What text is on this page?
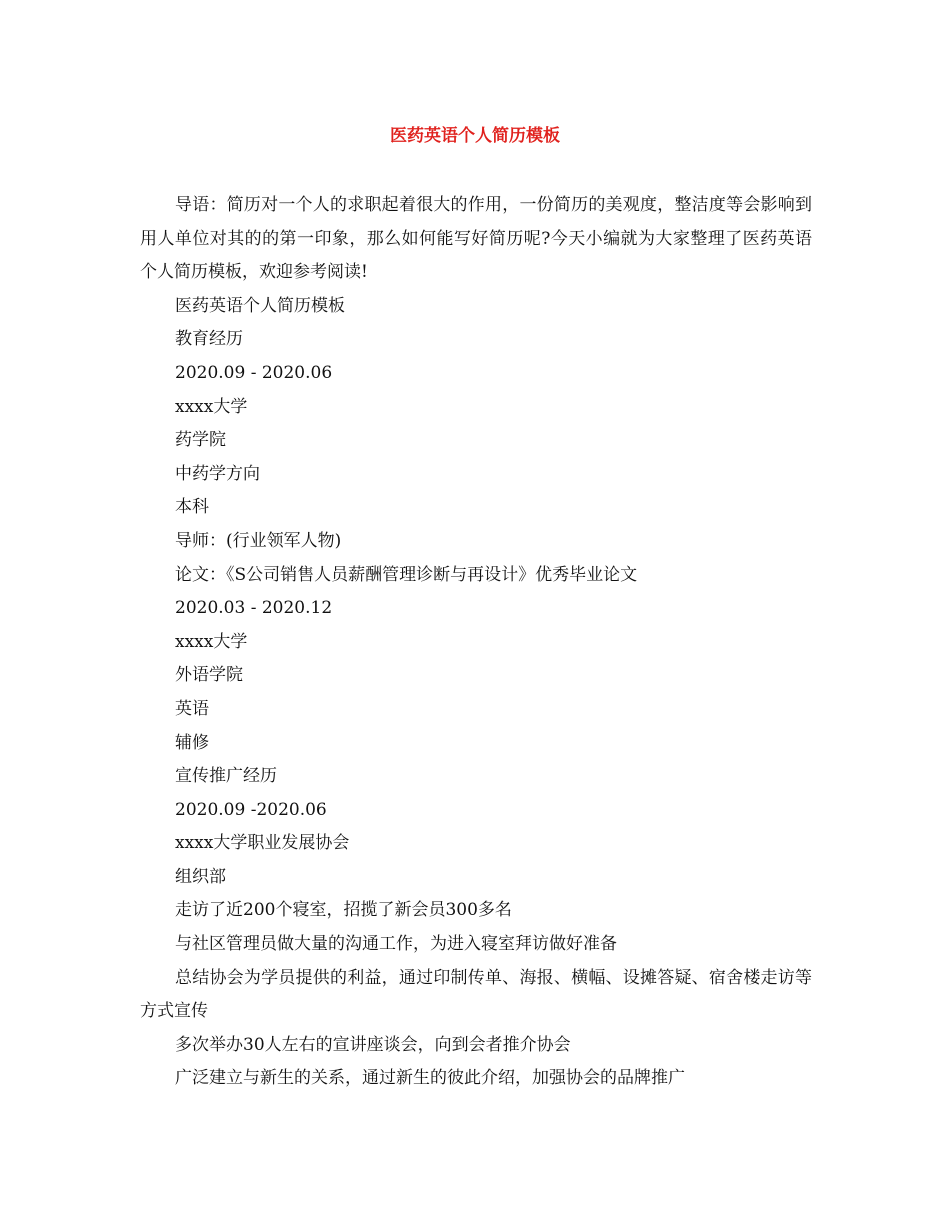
医药英语个人简历模板

导语：简历对一个人的求职起着很大的作用，一份简历的美观度，整洁度等会影响到用人单位对其的的第一印象，那么如何能写好简历呢?今天小编就为大家整理了医药英语个人简历模板，欢迎参考阅读!

医药英语个人简历模板

教育经历

2020.09 - 2020.06

xxxx大学

药学院

中药学方向

本科

导师：(行业领军人物)

论文：《S公司销售人员薪酬管理诊断与再设计》优秀毕业论文

2020.03 - 2020.12

xxxx大学

外语学院

英语

辅修

宣传推广经历

2020.09 -2020.06

xxxx大学职业发展协会

组织部

走访了近200个寝室，招揽了新会员300多名

与社区管理员做大量的沟通工作，为进入寝室拜访做好准备

总结协会为学员提供的利益，通过印制传单、海报、横幅、设摊答疑、宿舍楼走访等方式宣传

多次举办30人左右的宣讲座谈会，向到会者推介协会

广泛建立与新生的关系，通过新生的彼此介绍，加强协会的品牌推广
